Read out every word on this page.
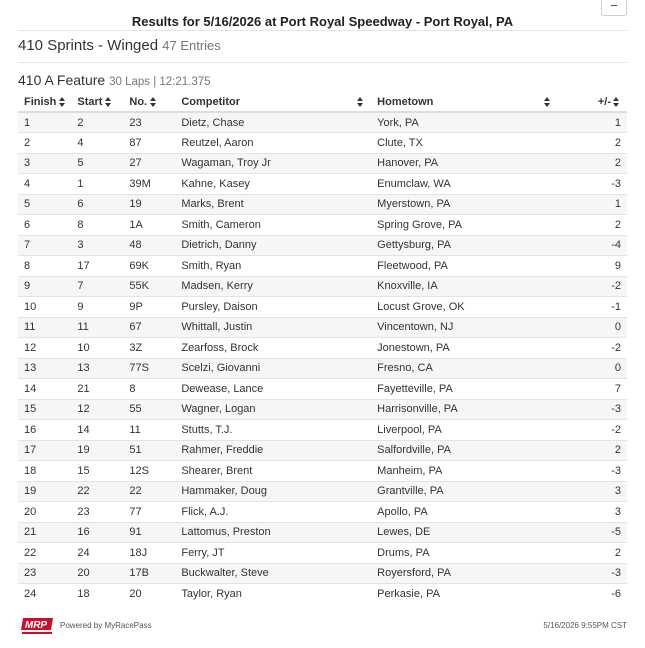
Results for 5/16/2026 at Port Royal Speedway - Port Royal, PA
−
410 Sprints - Winged 47 Entries
410 A Feature 30 Laps | 12:21.375
Finish	Start	No.	Competitor	Hometown	+/-

1	2	23	Dietz, Chase	York, PA	1
2	4	87	Reutzel, Aaron	Clute, TX	2
3	5	27	Wagaman, Troy Jr	Hanover, PA	2
4	1	39M	Kahne, Kasey	Enumclaw, WA	-3
5	6	19	Marks, Brent	Myerstown, PA	1
6	8	1A	Smith, Cameron	Spring Grove, PA	2
7	3	48	Dietrich, Danny	Gettysburg, PA	-4
8	17	69K	Smith, Ryan	Fleetwood, PA	9
9	7	55K	Madsen, Kerry	Knoxville, IA	-2
10	9	9P	Pursley, Daison	Locust Grove, OK	-1
11	11	67	Whittall, Justin	Vincentown, NJ	0
12	10	3Z	Zearfoss, Brock	Jonestown, PA	-2
13	13	77S	Scelzi, Giovanni	Fresno, CA	0
14	21	8	Dewease, Lance	Fayetteville, PA	7
15	12	55	Wagner, Logan	Harrisonville, PA	-3
16	14	11	Stutts, T.J.	Liverpool, PA	-2
17	19	51	Rahmer, Freddie	Salfordville, PA	2
18	15	12S	Shearer, Brent	Manheim, PA	-3
19	22	22	Hammaker, Doug	Grantville, PA	3
20	23	77	Flick, A.J.	Apollo, PA	3
21	16	91	Lattomus, Preston	Lewes, DE	-5
22	24	18J	Ferry, JT	Drums, PA	2
23	20	17B	Buckwalter, Steve	Royersford, PA	-3
24	18	20	Taylor, Ryan	Perkasie, PA	-6
MRP Powered by MyRacePass	5/16/2026 9:55PM CST
